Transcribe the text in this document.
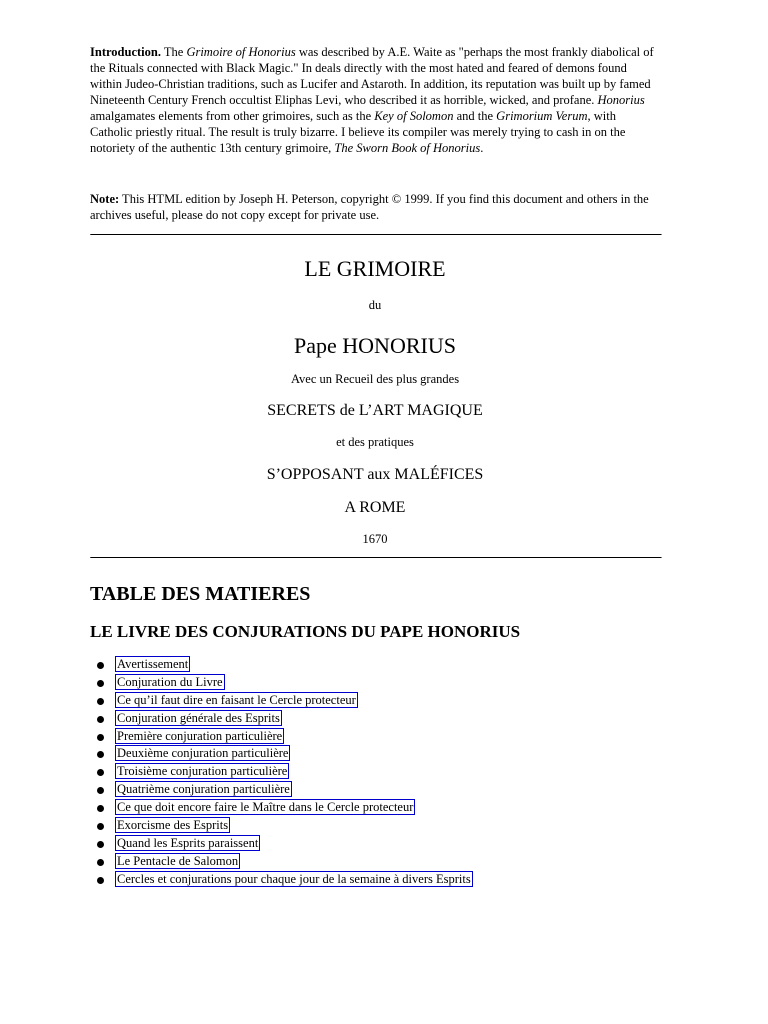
Introduction. The Grimoire of Honorius was described by A.E. Waite as "perhaps the most frankly diabolical of the Rituals connected with Black Magic." In deals directly with the most hated and feared of demons found within Judeo-Christian traditions, such as Lucifer and Astaroth. In addition, its reputation was built up by famed Nineteenth Century French occultist Eliphas Levi, who described it as horrible, wicked, and profane. Honorius amalgamates elements from other grimoires, such as the Key of Solomon and the Grimorium Verum, with Catholic priestly ritual. The result is truly bizarre. I believe its compiler was merely trying to cash in on the notoriety of the authentic 13th century grimoire, The Sworn Book of Honorius.

Note: This HTML edition by Joseph H. Peterson, copyright © 1999. If you find this document and others in the archives useful, please do not copy except for private use.

LE GRIMOIRE

du

Pape HONORIUS

Avec un Recueil des plus grandes

SECRETS de L’ART MAGIQUE

et des pratiques

S’OPPOSANT aux MALÉFICES

A ROME

1670

TABLE DES MATIERES
LE LIVRE DES CONJURATIONS DU PAPE HONORIUS
Avertissement
Conjuration du Livre
Ce qu’il faut dire en faisant le Cercle protecteur
Conjuration générale des Esprits
Première conjuration particulière
Deuxième conjuration particulière
Troisième conjuration particulière
Quatrième conjuration particulière
Ce que doit encore faire le Maître dans le Cercle protecteur
Exorcisme des Esprits
Quand les Esprits paraissent
Le Pentacle de Salomon
Cercles et conjurations pour chaque jour de la semaine à divers Esprits
